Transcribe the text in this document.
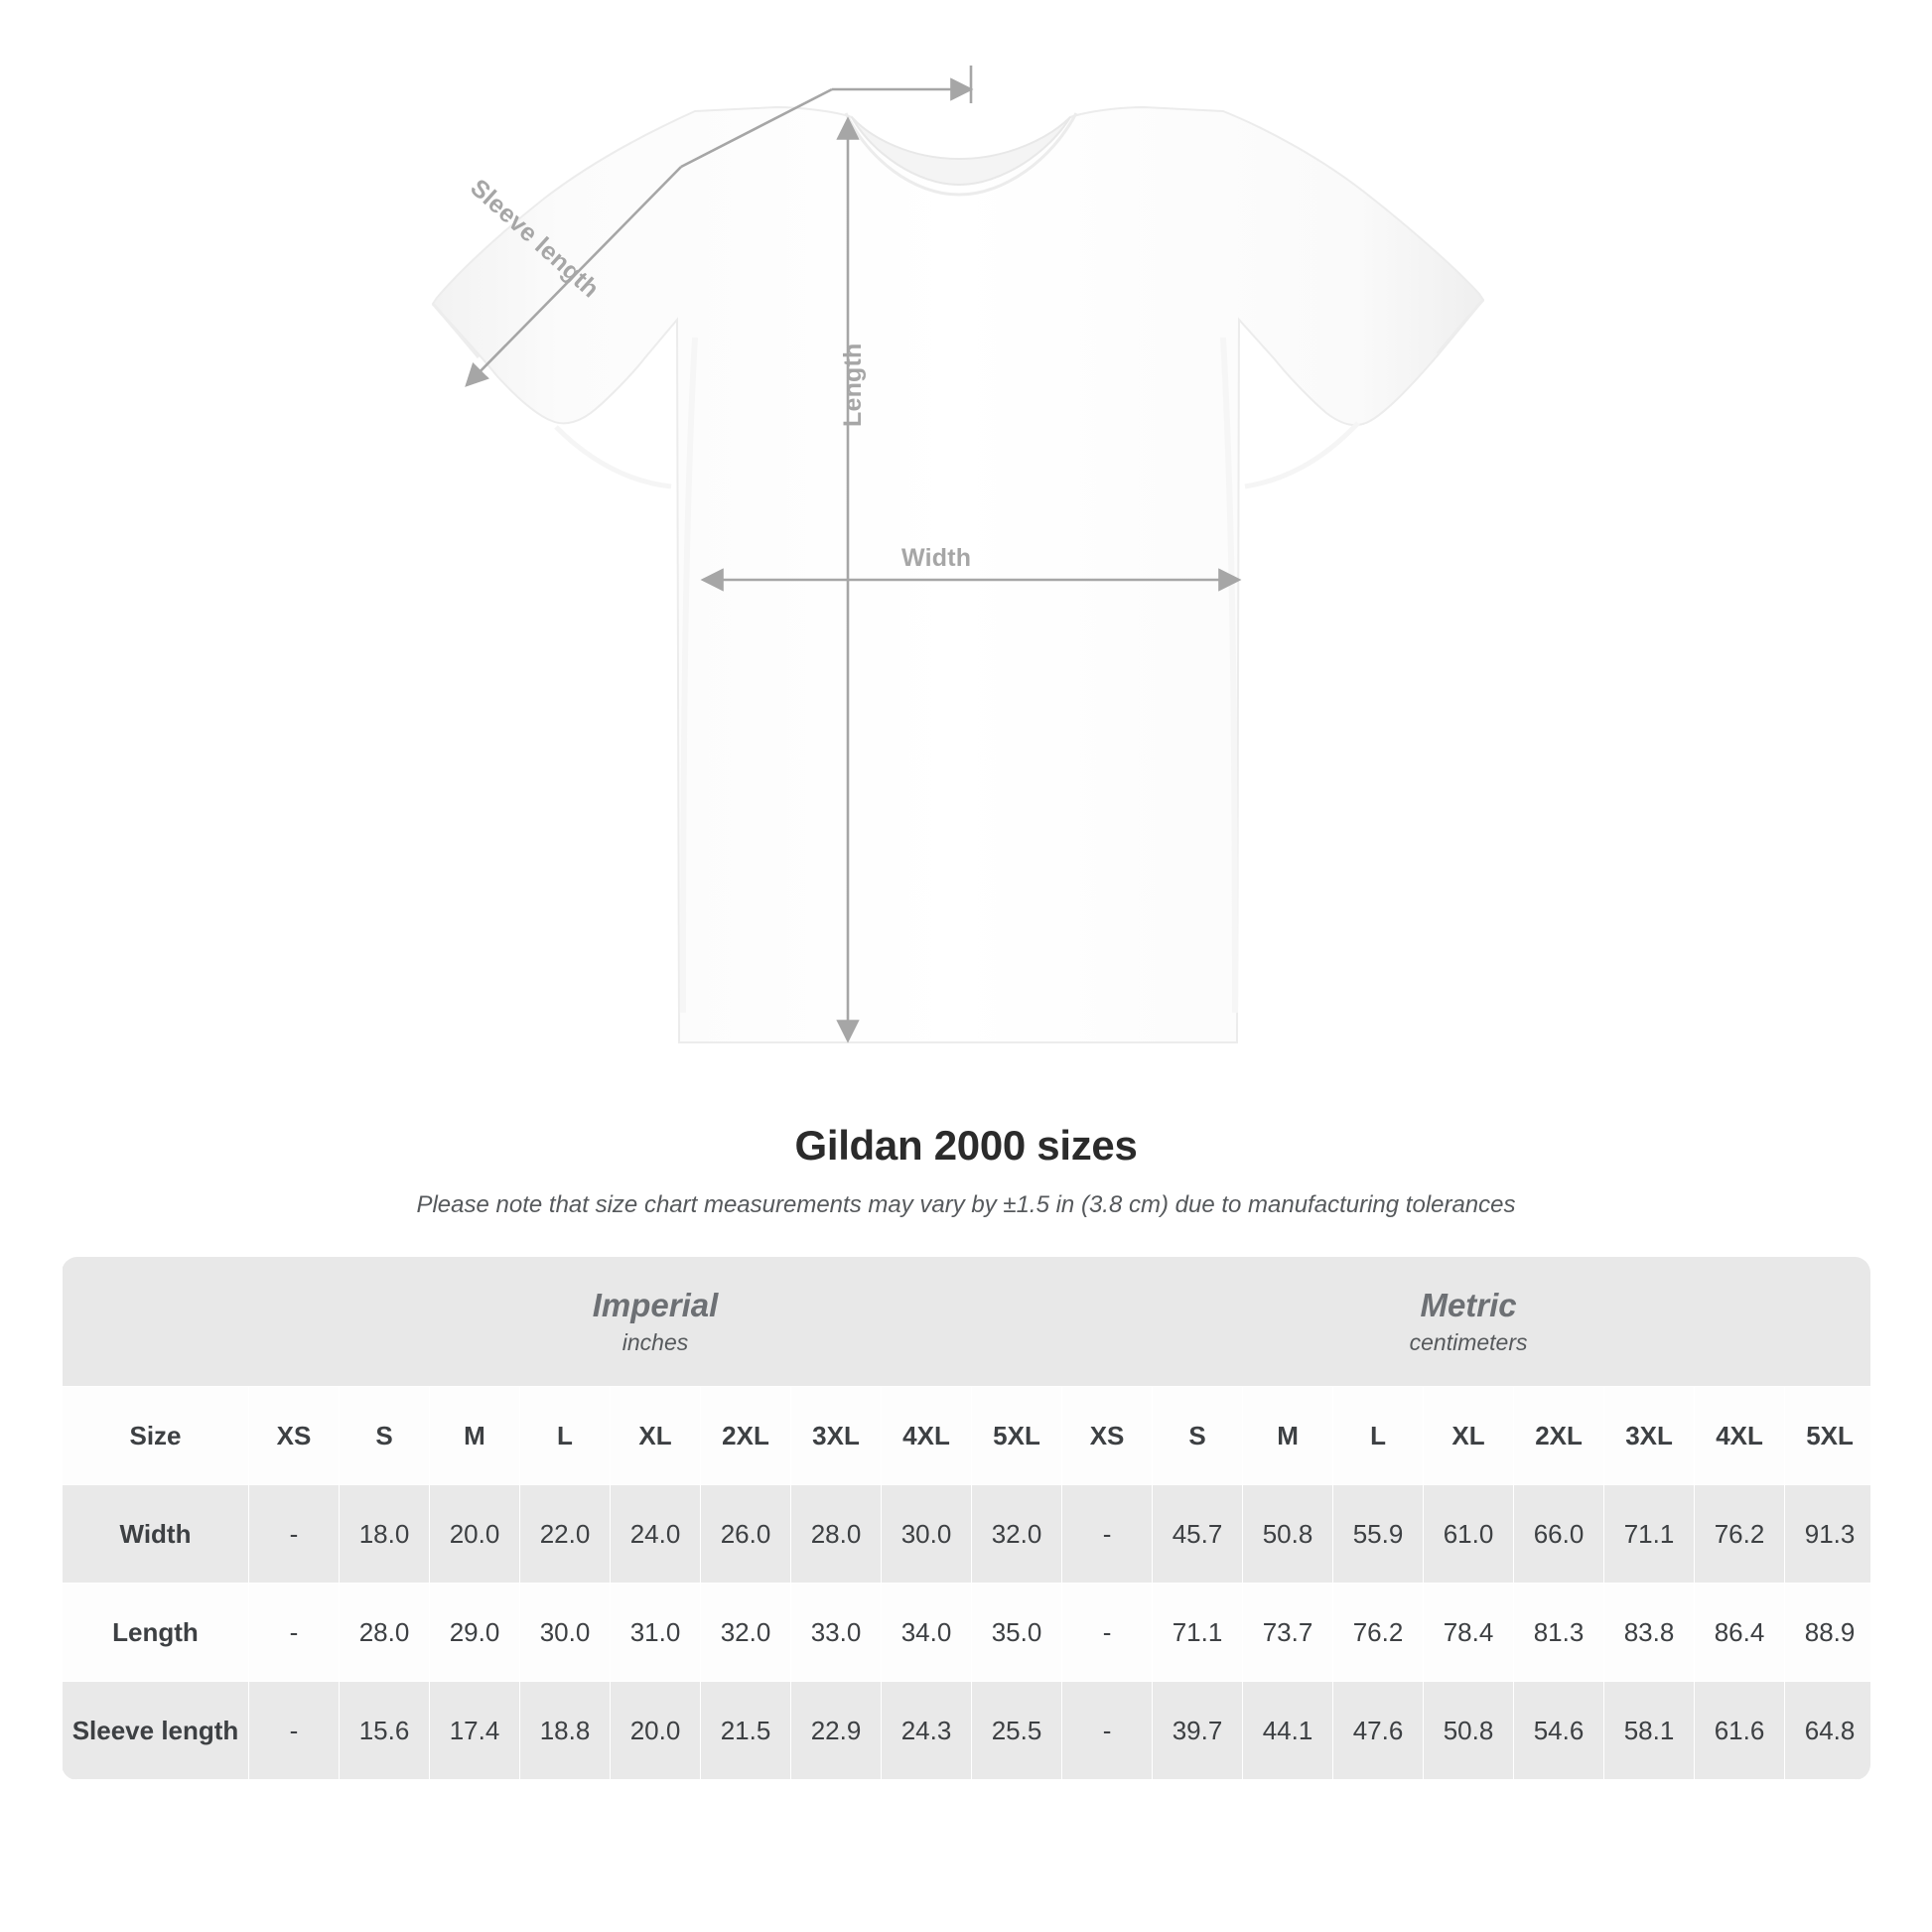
Width
Length
Sleeve length
Gildan 2000 sizes
Please note that size chart measurements may vary by ±1.5 in (3.8 cm) due to manufacturing tolerances

Imperial
inches

Metric
centimeters

Size	XS	S	M	L	XL	2XL	3XL	4XL	5XL	XS	S	M	L	XL	2XL	3XL	4XL	5XL
Width	-	18.0	20.0	22.0	24.0	26.0	28.0	30.0	32.0	-	45.7	50.8	55.9	61.0	66.0	71.1	76.2	91.3
Length	-	28.0	29.0	30.0	31.0	32.0	33.0	34.0	35.0	-	71.1	73.7	76.2	78.4	81.3	83.8	86.4	88.9
Sleeve length	-	15.6	17.4	18.8	20.0	21.5	22.9	24.3	25.5	-	39.7	44.1	47.6	50.8	54.6	58.1	61.6	64.8
